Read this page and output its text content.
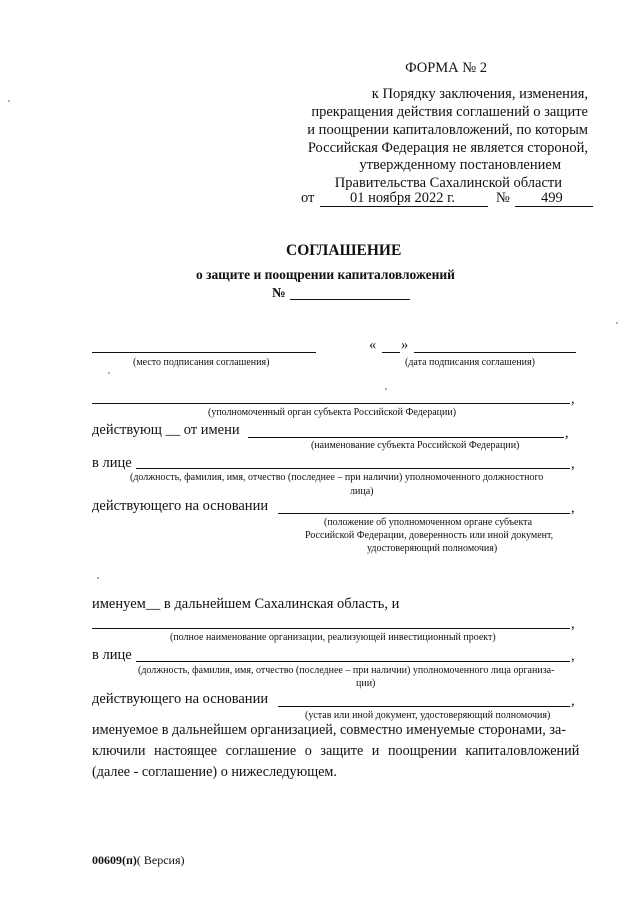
ФОРМА № 2
к Порядку заключения, изменения,
прекращения действия соглашений о защите
и поощрении капиталовложений, по которым
Российская Федерация не является стороной,
утвержденному постановлением
Правительства Сахалинской области
от 01 ноября 2022 г.	№ 499
СОГЛАШЕНИЕ
о защите и поощрении капиталовложений
№
(место подписания соглашения)
« »
(дата подписания соглашения)
,
(уполномоченный орган субъекта Российской Федерации)
действующ __ от имени	,
(наименование субъекта Российской Федерации)
в лице	,
(должность, фамилия, имя, отчество (последнее – при наличии) уполномоченного должностного
лица)
действующего на основании	,
(положение об уполномоченном органе субъекта
Российской Федерации, доверенность или иной документ,
удостоверяющий полномочия)
именуем__ в дальнейшем Сахалинская область, и
,
(полное наименование организации, реализующей инвестиционный проект)
в лице	,
(должность, фамилия, имя, отчество (последнее – при наличии) уполномоченного лица организа-
ции)
действующего на основании	,
(устав или иной документ, удостоверяющий полномочия)
именуемое в дальнейшем организацией, совместно именуемые сторонами, за-
ключили настоящее соглашение о защите и поощрении капиталовложений
(далее - соглашение) о нижеследующем.
00609(п)( Версия)
